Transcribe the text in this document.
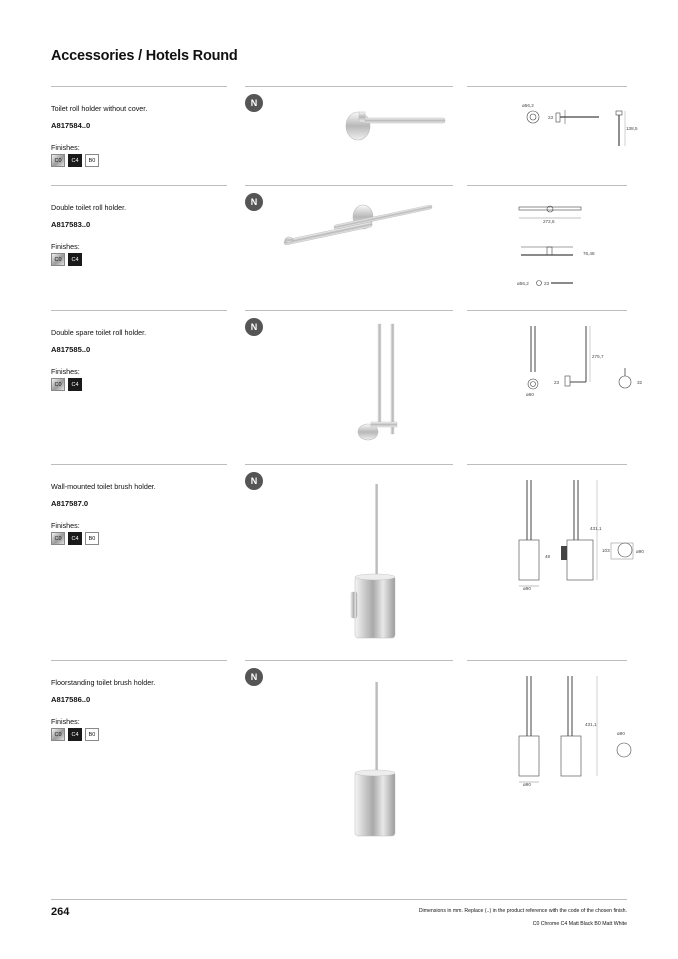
Accessories / Hotels Round
Toilet roll holder without cover.
A817584..0
Finishes:
C0	C4	B0
N	ø56,2
23
138,5
Double toilet roll holder.
A817583..0
Finishes:
C0	C4
N
272,6
76,48
ø56,2	23
Double spare toilet roll holder.
A817585..0
Finishes:
C0	C4
N
ø60
275,7
23	32
Wall-mounted toilet brush holder.
A817587.0
Finishes:
C0	C4	B0
N
ø90
48
431,1
103	ø90
Floorstanding toilet brush holder.
A817586..0
Finishes:
C0	C4	B0
N
ø90
431,1
ø90
264	Dimensions in mm. Replace (..) in the product reference with the code of the chosen finish.
C0 Chrome C4 Matt Black B0 Matt White
